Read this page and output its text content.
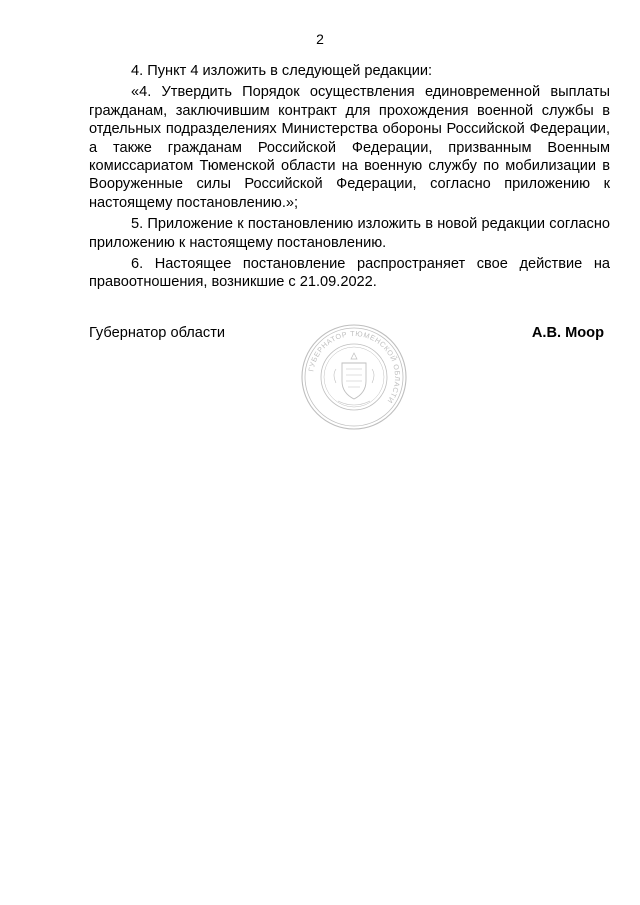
2

4. Пункт 4 изложить в следующей редакции:

«4. Утвердить Порядок осуществления единовременной выплаты гражданам, заключившим контракт для прохождения военной службы в отдельных подразделениях Министерства обороны Российской Федерации, а также гражданам Российской Федерации, призванным Военным комиссариатом Тюменской области на военную службу по мобилизации в Вооруженные силы Российской Федерации, согласно приложению к настоящему постановлению.»;

5. Приложение к постановлению изложить в новой редакции согласно приложению к настоящему постановлению.

6. Настоящее постановление распространяет свое действие на правоотношения, возникшие с 21.09.2022.

Губернатор области	А.В. Моор
ГУБЕРНАТОР ТЮМЕНСКОЙ ОБЛАСТИ
